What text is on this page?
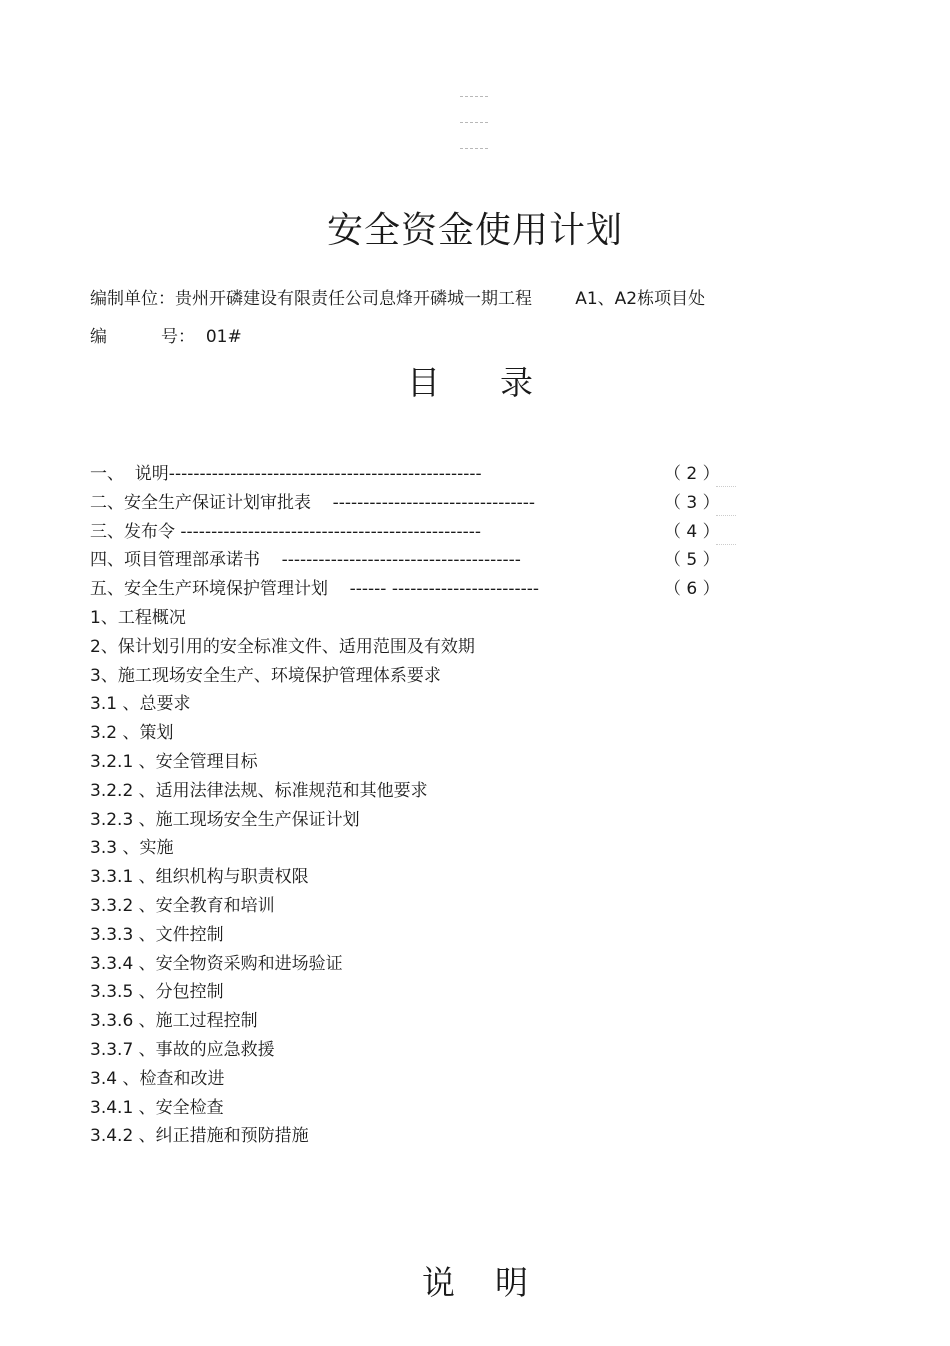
安全资金使用计划
编制单位：贵州开磷建设有限责任公司息烽开磷城一期工程        A1、A2栋项目处
编          号：  01#
目录
一、  说明---------------------------------------------------	（ 2 ）
二、安全生产保证计划审批表    ---------------------------------	（ 3 ）
三、发布令 -------------------------------------------------	（ 4 ）
四、项目管理部承诺书    ---------------------------------------	（ 5 ）
五、安全生产环境保护管理计划    ------ ------------------------	（ 6 ）
1、工程概况
2、保计划引用的安全标准文件、适用范围及有效期
3、施工现场安全生产、环境保护管理体系要求
3.1 、总要求
3.2 、策划
3.2.1 、安全管理目标
3.2.2 、适用法律法规、标准规范和其他要求
3.2.3 、施工现场安全生产保证计划
3.3 、实施
3.3.1 、组织机构与职责权限
3.3.2 、安全教育和培训
3.3.3 、文件控制
3.3.4 、安全物资采购和进场验证
3.3.5 、分包控制
3.3.6 、施工过程控制
3.3.7 、事故的应急救援
3.4 、检查和改进
3.4.1 、安全检查
3.4.2 、纠正措施和预防措施
说明
